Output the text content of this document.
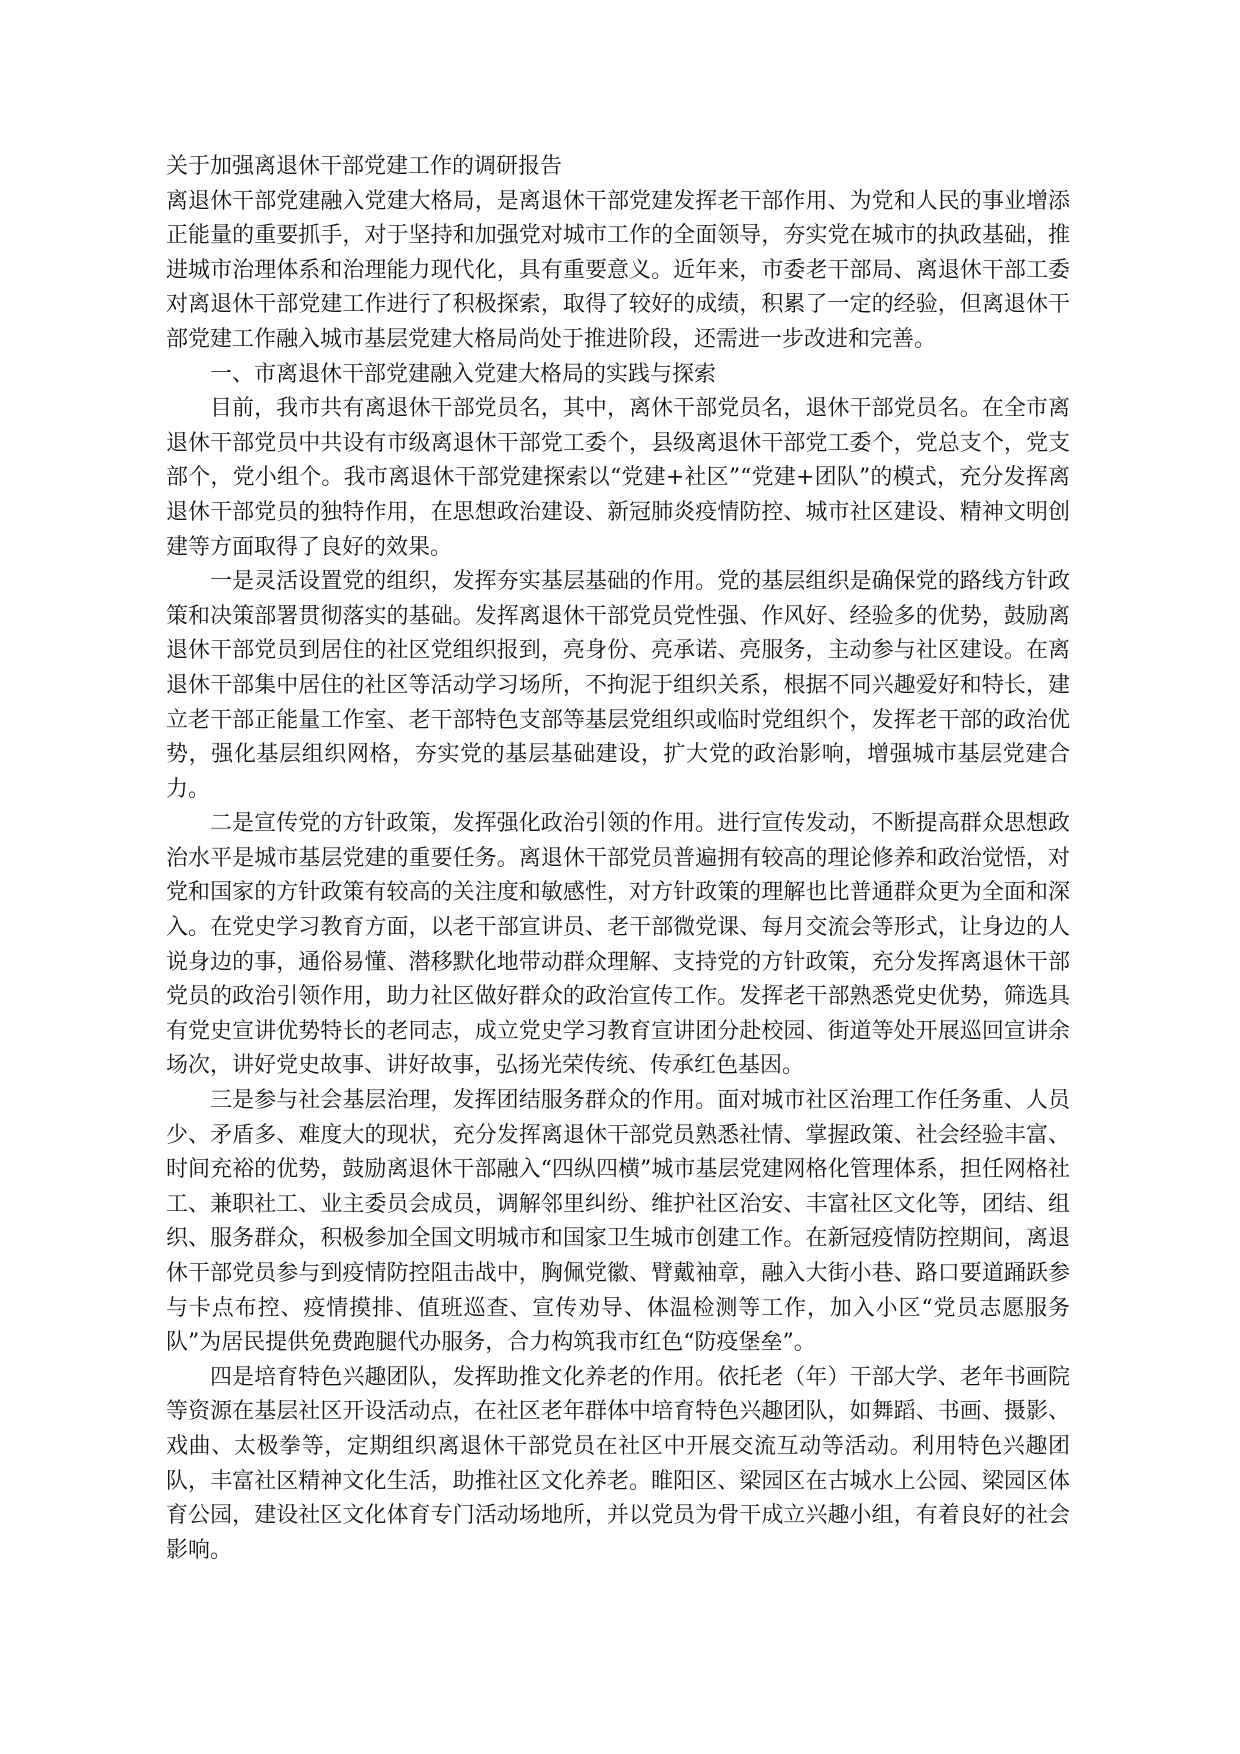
关于加强离退休干部党建工作的调研报告

离退休干部党建融入党建大格局，是离退休干部党建发挥老干部作用、为党和人民的事业增添正能量的重要抓手，对于坚持和加强党对城市工作的全面领导，夯实党在城市的执政基础，推进城市治理体系和治理能力现代化，具有重要意义。近年来，市委老干部局、离退休干部工委对离退休干部党建工作进行了积极探索，取得了较好的成绩，积累了一定的经验，但离退休干部党建工作融入城市基层党建大格局尚处于推进阶段，还需进一步改进和完善。

一、市离退休干部党建融入党建大格局的实践与探索

目前，我市共有离退休干部党员名，其中，离休干部党员名，退休干部党员名。在全市离退休干部党员中共设有市级离退休干部党工委个，县级离退休干部党工委个，党总支个，党支部个，党小组个。我市离退休干部党建探索以“党建+社区”“党建+团队”的模式，充分发挥离退休干部党员的独特作用，在思想政治建设、新冠肺炎疫情防控、城市社区建设、精神文明创建等方面取得了良好的效果。

一是灵活设置党的组织，发挥夯实基层基础的作用。党的基层组织是确保党的路线方针政策和决策部署贯彻落实的基础。发挥离退休干部党员党性强、作风好、经验多的优势，鼓励离退休干部党员到居住的社区党组织报到，亮身份、亮承诺、亮服务，主动参与社区建设。在离退休干部集中居住的社区等活动学习场所，不拘泥于组织关系，根据不同兴趣爱好和特长，建立老干部正能量工作室、老干部特色支部等基层党组织或临时党组织个，发挥老干部的政治优势，强化基层组织网格，夯实党的基层基础建设，扩大党的政治影响，增强城市基层党建合力。

二是宣传党的方针政策，发挥强化政治引领的作用。进行宣传发动，不断提高群众思想政治水平是城市基层党建的重要任务。离退休干部党员普遍拥有较高的理论修养和政治觉悟，对党和国家的方针政策有较高的关注度和敏感性，对方针政策的理解也比普通群众更为全面和深入。在党史学习教育方面，以老干部宣讲员、老干部微党课、每月交流会等形式，让身边的人说身边的事，通俗易懂、潜移默化地带动群众理解、支持党的方针政策，充分发挥离退休干部党员的政治引领作用，助力社区做好群众的政治宣传工作。发挥老干部熟悉党史优势，筛选具有党史宣讲优势特长的老同志，成立党史学习教育宣讲团分赴校园、街道等处开展巡回宣讲余场次，讲好党史故事、讲好故事，弘扬光荣传统、传承红色基因。

三是参与社会基层治理，发挥团结服务群众的作用。面对城市社区治理工作任务重、人员少、矛盾多、难度大的现状，充分发挥离退休干部党员熟悉社情、掌握政策、社会经验丰富、时间充裕的优势，鼓励离退休干部融入“四纵四横”城市基层党建网格化管理体系，担任网格社工、兼职社工、业主委员会成员，调解邻里纠纷、维护社区治安、丰富社区文化等，团结、组织、服务群众，积极参加全国文明城市和国家卫生城市创建工作。在新冠疫情防控期间，离退休干部党员参与到疫情防控阻击战中，胸佩党徽、臂戴袖章，融入大街小巷、路口要道踊跃参与卡点布控、疫情摸排、值班巡查、宣传劝导、体温检测等工作，加入小区“党员志愿服务队”为居民提供免费跑腿代办服务，合力构筑我市红色“防疫堡垒”。

四是培育特色兴趣团队，发挥助推文化养老的作用。依托老（年）干部大学、老年书画院等资源在基层社区开设活动点，在社区老年群体中培育特色兴趣团队，如舞蹈、书画、摄影、戏曲、太极拳等，定期组织离退休干部党员在社区中开展交流互动等活动。利用特色兴趣团队，丰富社区精神文化生活，助推社区文化养老。睢阳区、梁园区在古城水上公园、梁园区体育公园，建设社区文化体育专门活动场地所，并以党员为骨干成立兴趣小组，有着良好的社会影响。
